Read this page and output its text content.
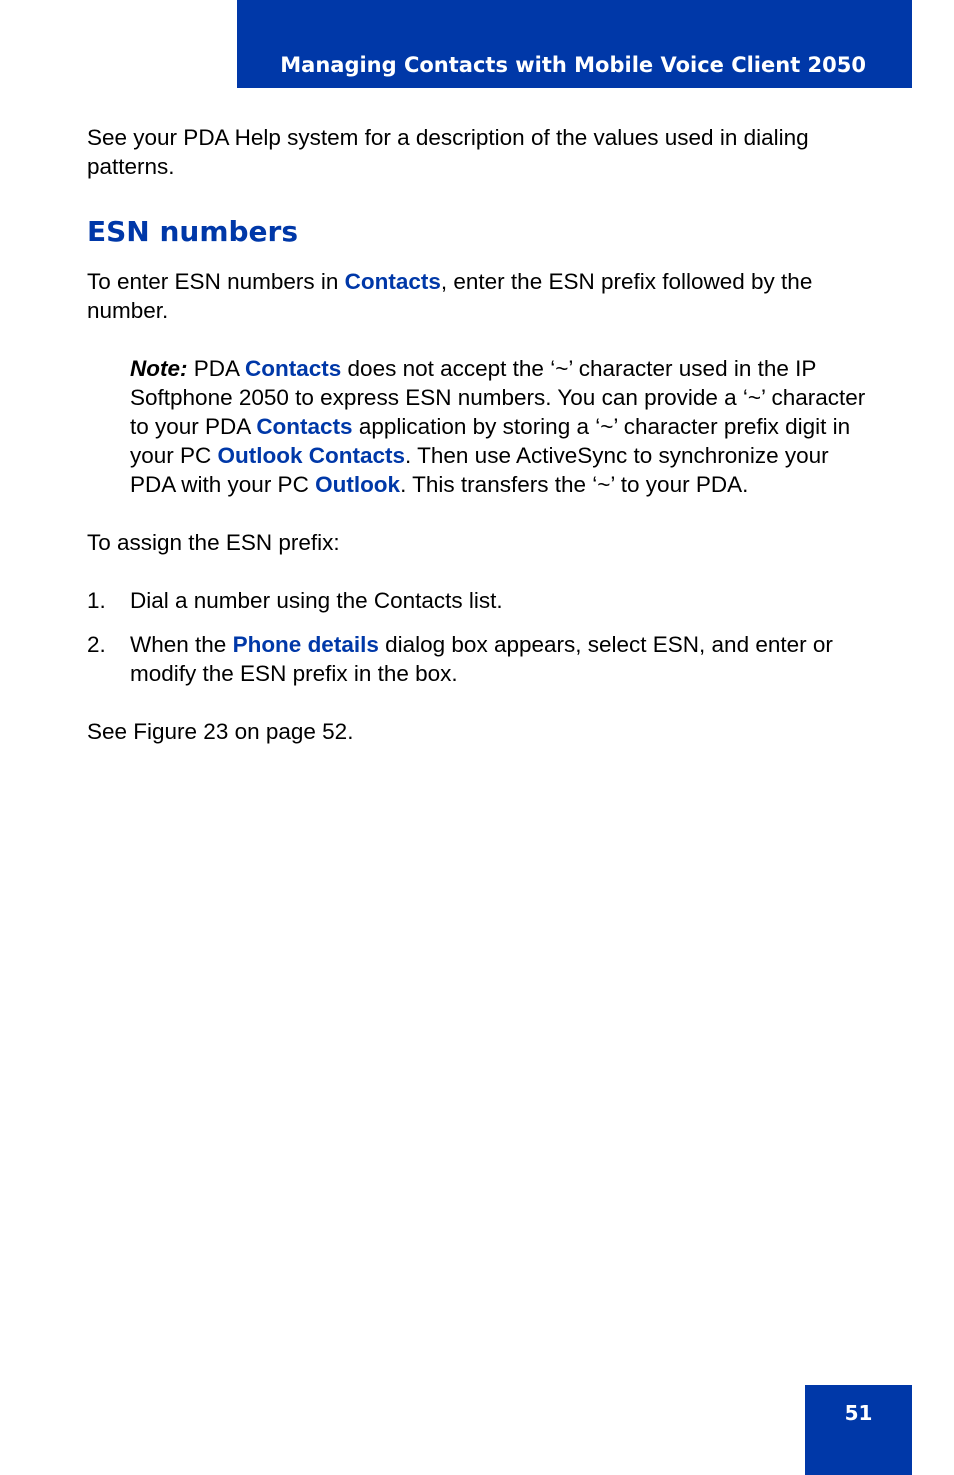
Managing Contacts with Mobile Voice Client 2050

See your PDA Help system for a description of the values used in dialing patterns.

ESN numbers

To enter ESN numbers in Contacts, enter the ESN prefix followed by the number.

Note: PDA Contacts does not accept the ‘~’ character used in the IP Softphone 2050 to express ESN numbers. You can provide a ‘~’ character to your PDA Contacts application by storing a ‘~’ character prefix digit in your PC Outlook Contacts. Then use ActiveSync to synchronize your PDA with your PC Outlook. This transfers the ‘~’ to your PDA.

To assign the ESN prefix:

1. Dial a number using the Contacts list.
2. When the Phone details dialog box appears, select ESN, and enter or modify the ESN prefix in the box.

See Figure 23 on page 52.

51
